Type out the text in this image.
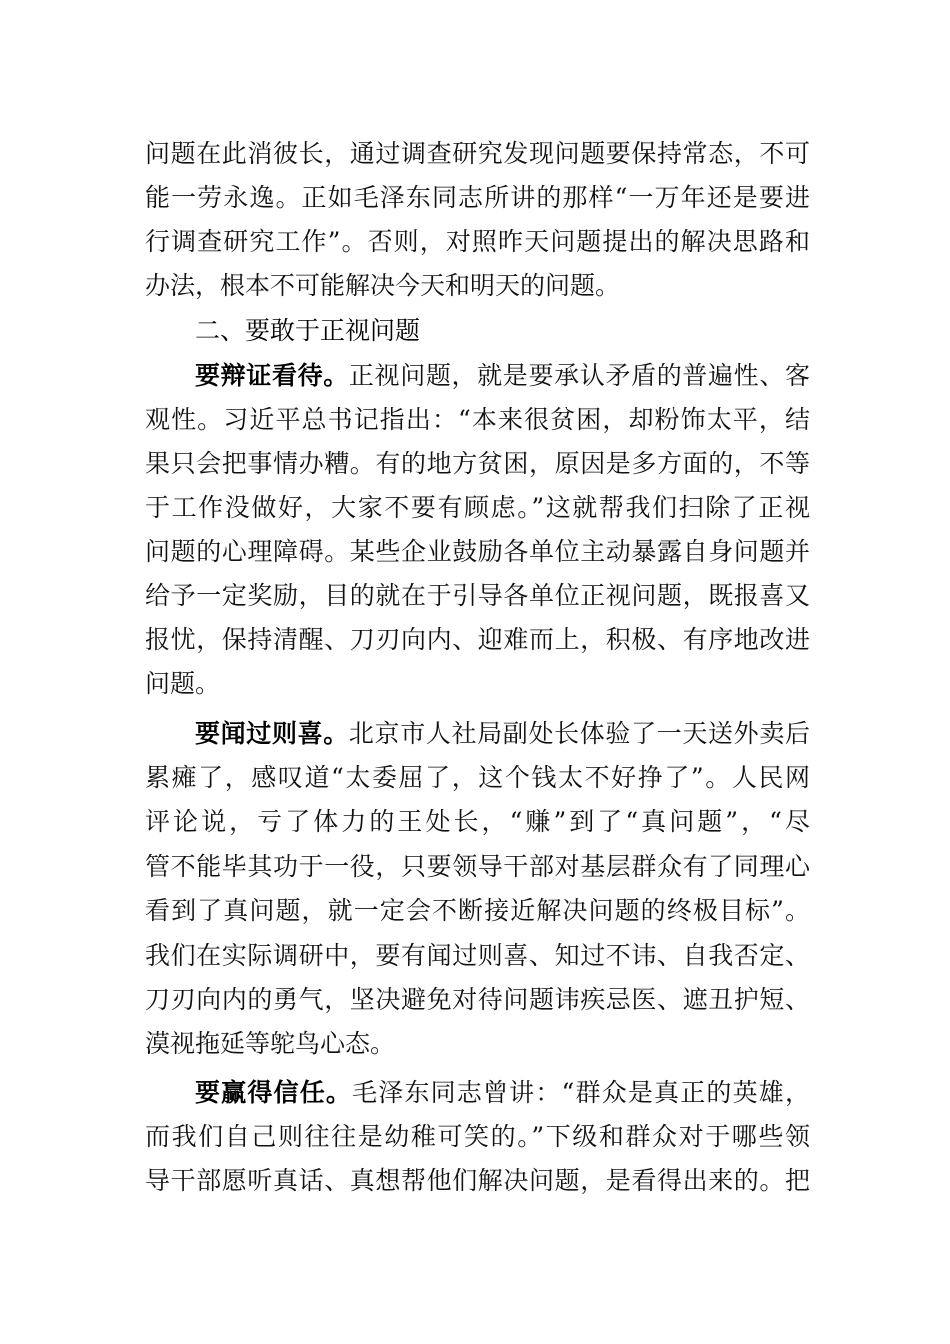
问题在此消彼长，通过调查研究发现问题要保持常态，不可
能一劳永逸。正如毛泽东同志所讲的那样“一万年还是要进
行调查研究工作”。否则，对照昨天问题提出的解决思路和
办法，根本不可能解决今天和明天的问题。
二、要敢于正视问题
要辩证看待。正视问题，就是要承认矛盾的普遍性、客
观性。习近平总书记指出：“本来很贫困，却粉饰太平，结
果只会把事情办糟。有的地方贫困，原因是多方面的，不等
于工作没做好，大家不要有顾虑。”这就帮我们扫除了正视
问题的心理障碍。某些企业鼓励各单位主动暴露自身问题并
给予一定奖励，目的就在于引导各单位正视问题，既报喜又
报忧，保持清醒、刀刃向内、迎难而上，积极、有序地改进
问题。
要闻过则喜。北京市人社局副处长体验了一天送外卖后
累瘫了，感叹道“太委屈了，这个钱太不好挣了”。人民网
评论说，亏了体力的王处长，“赚”到了“真问题”，“尽
管不能毕其功于一役，只要领导干部对基层群众有了同理心
看到了真问题，就一定会不断接近解决问题的终极目标”。
我们在实际调研中，要有闻过则喜、知过不讳、自我否定、
刀刃向内的勇气，坚决避免对待问题讳疾忌医、遮丑护短、
漠视拖延等鸵鸟心态。
要赢得信任。毛泽东同志曾讲：“群众是真正的英雄，
而我们自己则往往是幼稚可笑的。”下级和群众对于哪些领
导干部愿听真话、真想帮他们解决问题，是看得出来的。把
